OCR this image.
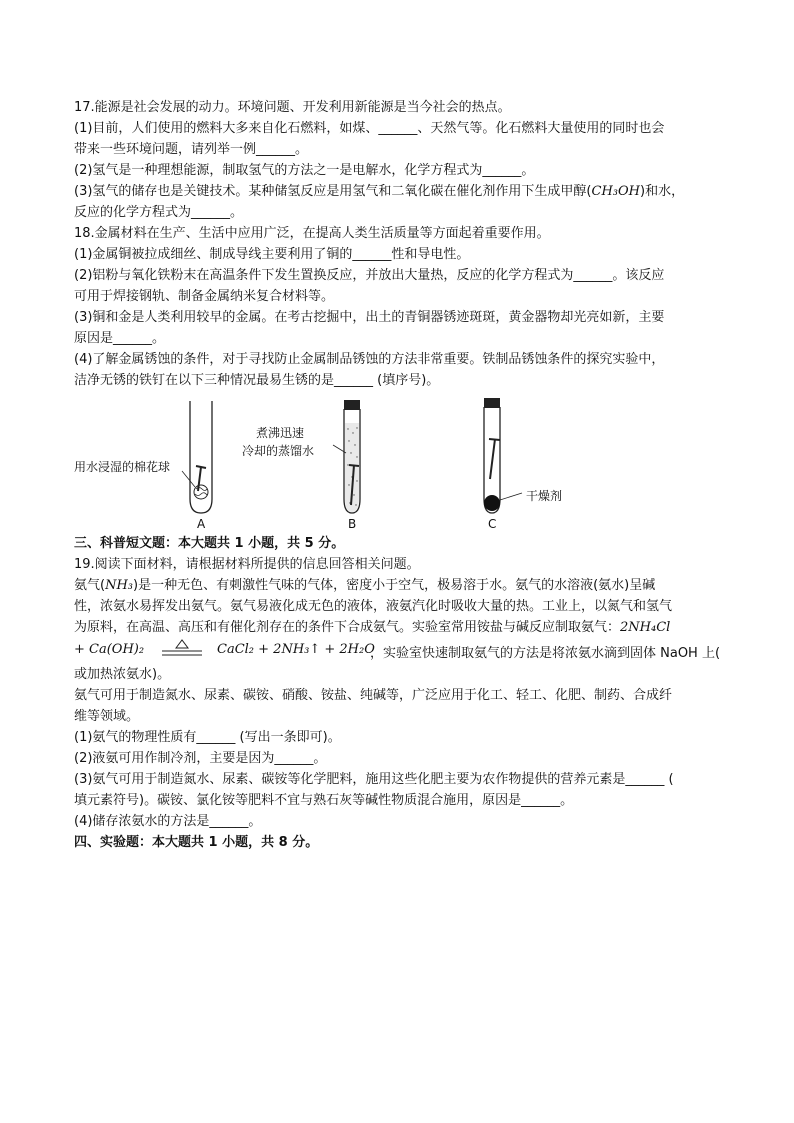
17.能源是社会发展的动力。环境问题、开发利用新能源是当今社会的热点。
(1)目前，人们使用的燃料大多来自化石燃料，如煤、______、天然气等。化石燃料大量使用的同时也会
带来一些环境问题，请列举一例______。
(2)氢气是一种理想能源，制取氢气的方法之一是电解水，化学方程式为______。
(3)氢气的储存也是关键技术。某种储氢反应是用氢气和二氧化碳在催化剂作用下生成甲醇(CH₃OH)和水，
反应的化学方程式为______。
18.金属材料在生产、生活中应用广泛，在提高人类生活质量等方面起着重要作用。
(1)金属铜被拉成细丝、制成导线主要利用了铜的______性和导电性。
(2)铝粉与氧化铁粉末在高温条件下发生置换反应，并放出大量热，反应的化学方程式为______。该反应
可用于焊接钢轨、制备金属纳米复合材料等。
(3)铜和金是人类利用较早的金属。在考古挖掘中，出土的青铜器锈迹斑斑，黄金器物却光亮如新，主要
原因是______。
(4)了解金属锈蚀的条件，对于寻找防止金属制品锈蚀的方法非常重要。铁制品锈蚀条件的探究实验中，
洁净无锈的铁钉在以下三种情况最易生锈的是______ (填序号)。
用水浸湿的棉花球
煮沸迅速
冷却的蒸馏水
干燥剂
A	B	C
三、科普短文题：本大题共 1 小题，共 5 分。
19.阅读下面材料，请根据材料所提供的信息回答相关问题。
氨气(NH₃)是一种无色、有刺激性气味的气体，密度小于空气，极易溶于水。氨气的水溶液(氨水)呈碱
性，浓氨水易挥发出氨气。氨气易液化成无色的液体，液氨汽化时吸收大量的热。工业上，以氮气和氢气
为原料，在高温、高压和有催化剂存在的条件下合成氨气。实验室常用铵盐与碱反应制取氨气：2NH₄Cl
+ Ca(OH)₂	CaCl₂ + 2NH₃↑ + 2H₂O
，实验室快速制取氨气的方法是将浓氨水滴到固体 NaOH 上(
或加热浓氨水)。
氨气可用于制造氮水、尿素、碳铵、硝酸、铵盐、纯碱等，广泛应用于化工、轻工、化肥、制药、合成纤
维等领域。
(1)氨气的物理性质有______ (写出一条即可)。
(2)液氨可用作制冷剂，主要是因为______。
(3)氨气可用于制造氮水、尿素、碳铵等化学肥料，施用这些化肥主要为农作物提供的营养元素是______ (
填元素符号)。碳铵、氯化铵等肥料不宜与熟石灰等碱性物质混合施用，原因是______。
(4)储存浓氨水的方法是______。
四、实验题：本大题共 1 小题，共 8 分。
